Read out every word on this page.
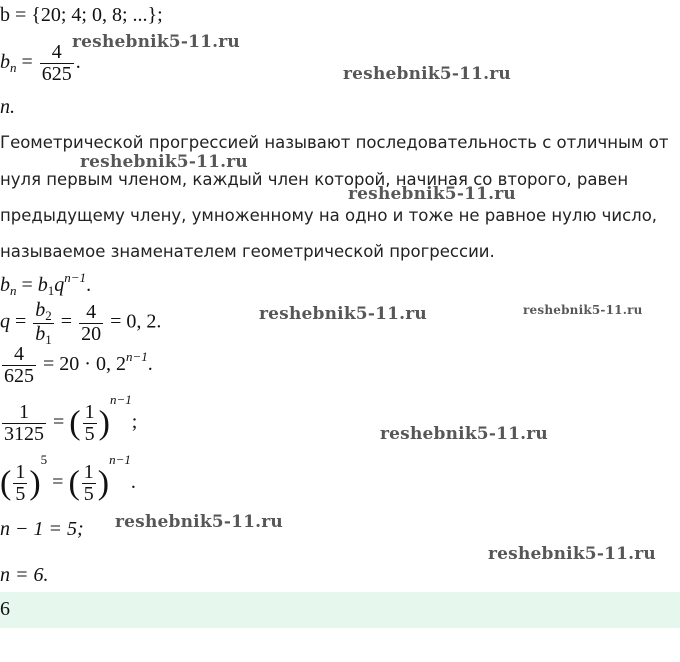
b = {20; 4; 0, 8; ...};
$b_n = \frac{4}{625}$ .
n.
Геометрической прогрессией называют последовательность с отличным от
нуля первым членом, каждый член которой, начиная со второго, равен
предыдущему члену, умноженному на одно и тоже не равное нулю число,
называемое знаменателем геометрической прогрессии.
$b_n = b_1q^{n-1}$.
$q = \frac{b_2}{b_1} = \frac{4}{20} = 0$, 2.
$\frac{4}{625} = 20 \cdot 0$, $2^{n-1}$.
$\frac{1}{3125}$ = ( $\frac{1}{5} )^{n-1}$;
( $\frac{1}{5} )^5$ = ( $\frac{1}{5} )^{n-1}$.
n − 1 = 5;
n = 6.
6
reshebnik5-11.ru
reshebnik5-11.ru
reshebnik5-11.ru
reshebnik5-11.ru
reshebnik5-11.ru	reshebnik5-11.ru
reshebnik5-11.ru
reshebnik5-11.ru
reshebnik5-11.ru
